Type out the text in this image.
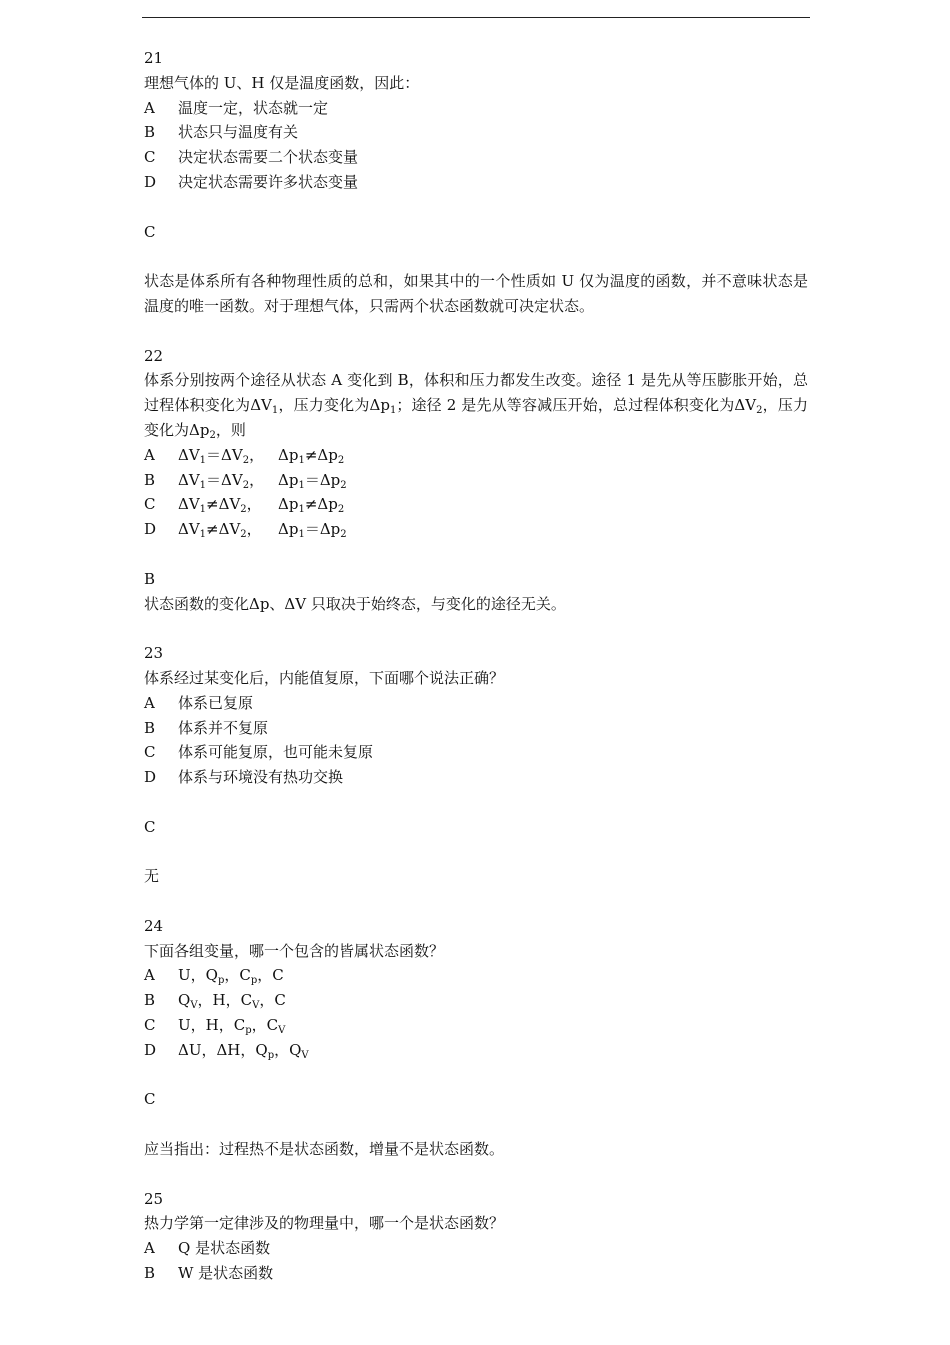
21
理想气体的 U、H 仅是温度函数，因此：
A	温度一定，状态就一定
B	状态只与温度有关
C	决定状态需要二个状态变量
D	决定状态需要许多状态变量
C
状态是体系所有各种物理性质的总和，如果其中的一个性质如 U 仅为温度的函数，并不意味状态是温度的唯一函数。对于理想气体，只需两个状态函数就可决定状态。
22
体系分别按两个途径从状态 A 变化到 B，体积和压力都发生改变。途径 1 是先从等压膨胀开始，总过程体积变化为$\Delta V_1$，压力变化为$\Delta p_1$；途径 2 是先从等容减压开始，总过程体积变化为$\Delta V_2$，压力变化为$\Delta p_2$，则
A	$\Delta V_1=\Delta V_2$， $\Delta p_1\ne\Delta p_2$
B	$\Delta V_1=\Delta V_2$， $\Delta p_1=\Delta p_2$
C	$\Delta V_1\ne\Delta V_2$，	$\Delta p_1\ne\Delta p_2$
D	$\Delta V_1\ne\Delta V_2$，	$\Delta p_1=\Delta p_2$
B
状态函数的变化Δp、ΔV 只取决于始终态，与变化的途径无关。
23
体系经过某变化后，内能值复原，下面哪个说法正确？
A	体系已复原
B	体系并不复原
C	体系可能复原，也可能未复原
D	体系与环境没有热功交换
C
无
24
下面各组变量，哪一个包含的皆属状态函数？
A	U，$Q_p$，$C_p$，C
B	$Q_V$，H，$C_V$，C
C	U，H，$C_p$，$C_V$
D	ΔU，ΔH，$Q_p$，$Q_V$
C
应当指出：过程热不是状态函数，增量不是状态函数。
25
热力学第一定律涉及的物理量中，哪一个是状态函数？
A	Q 是状态函数
B	W 是状态函数
